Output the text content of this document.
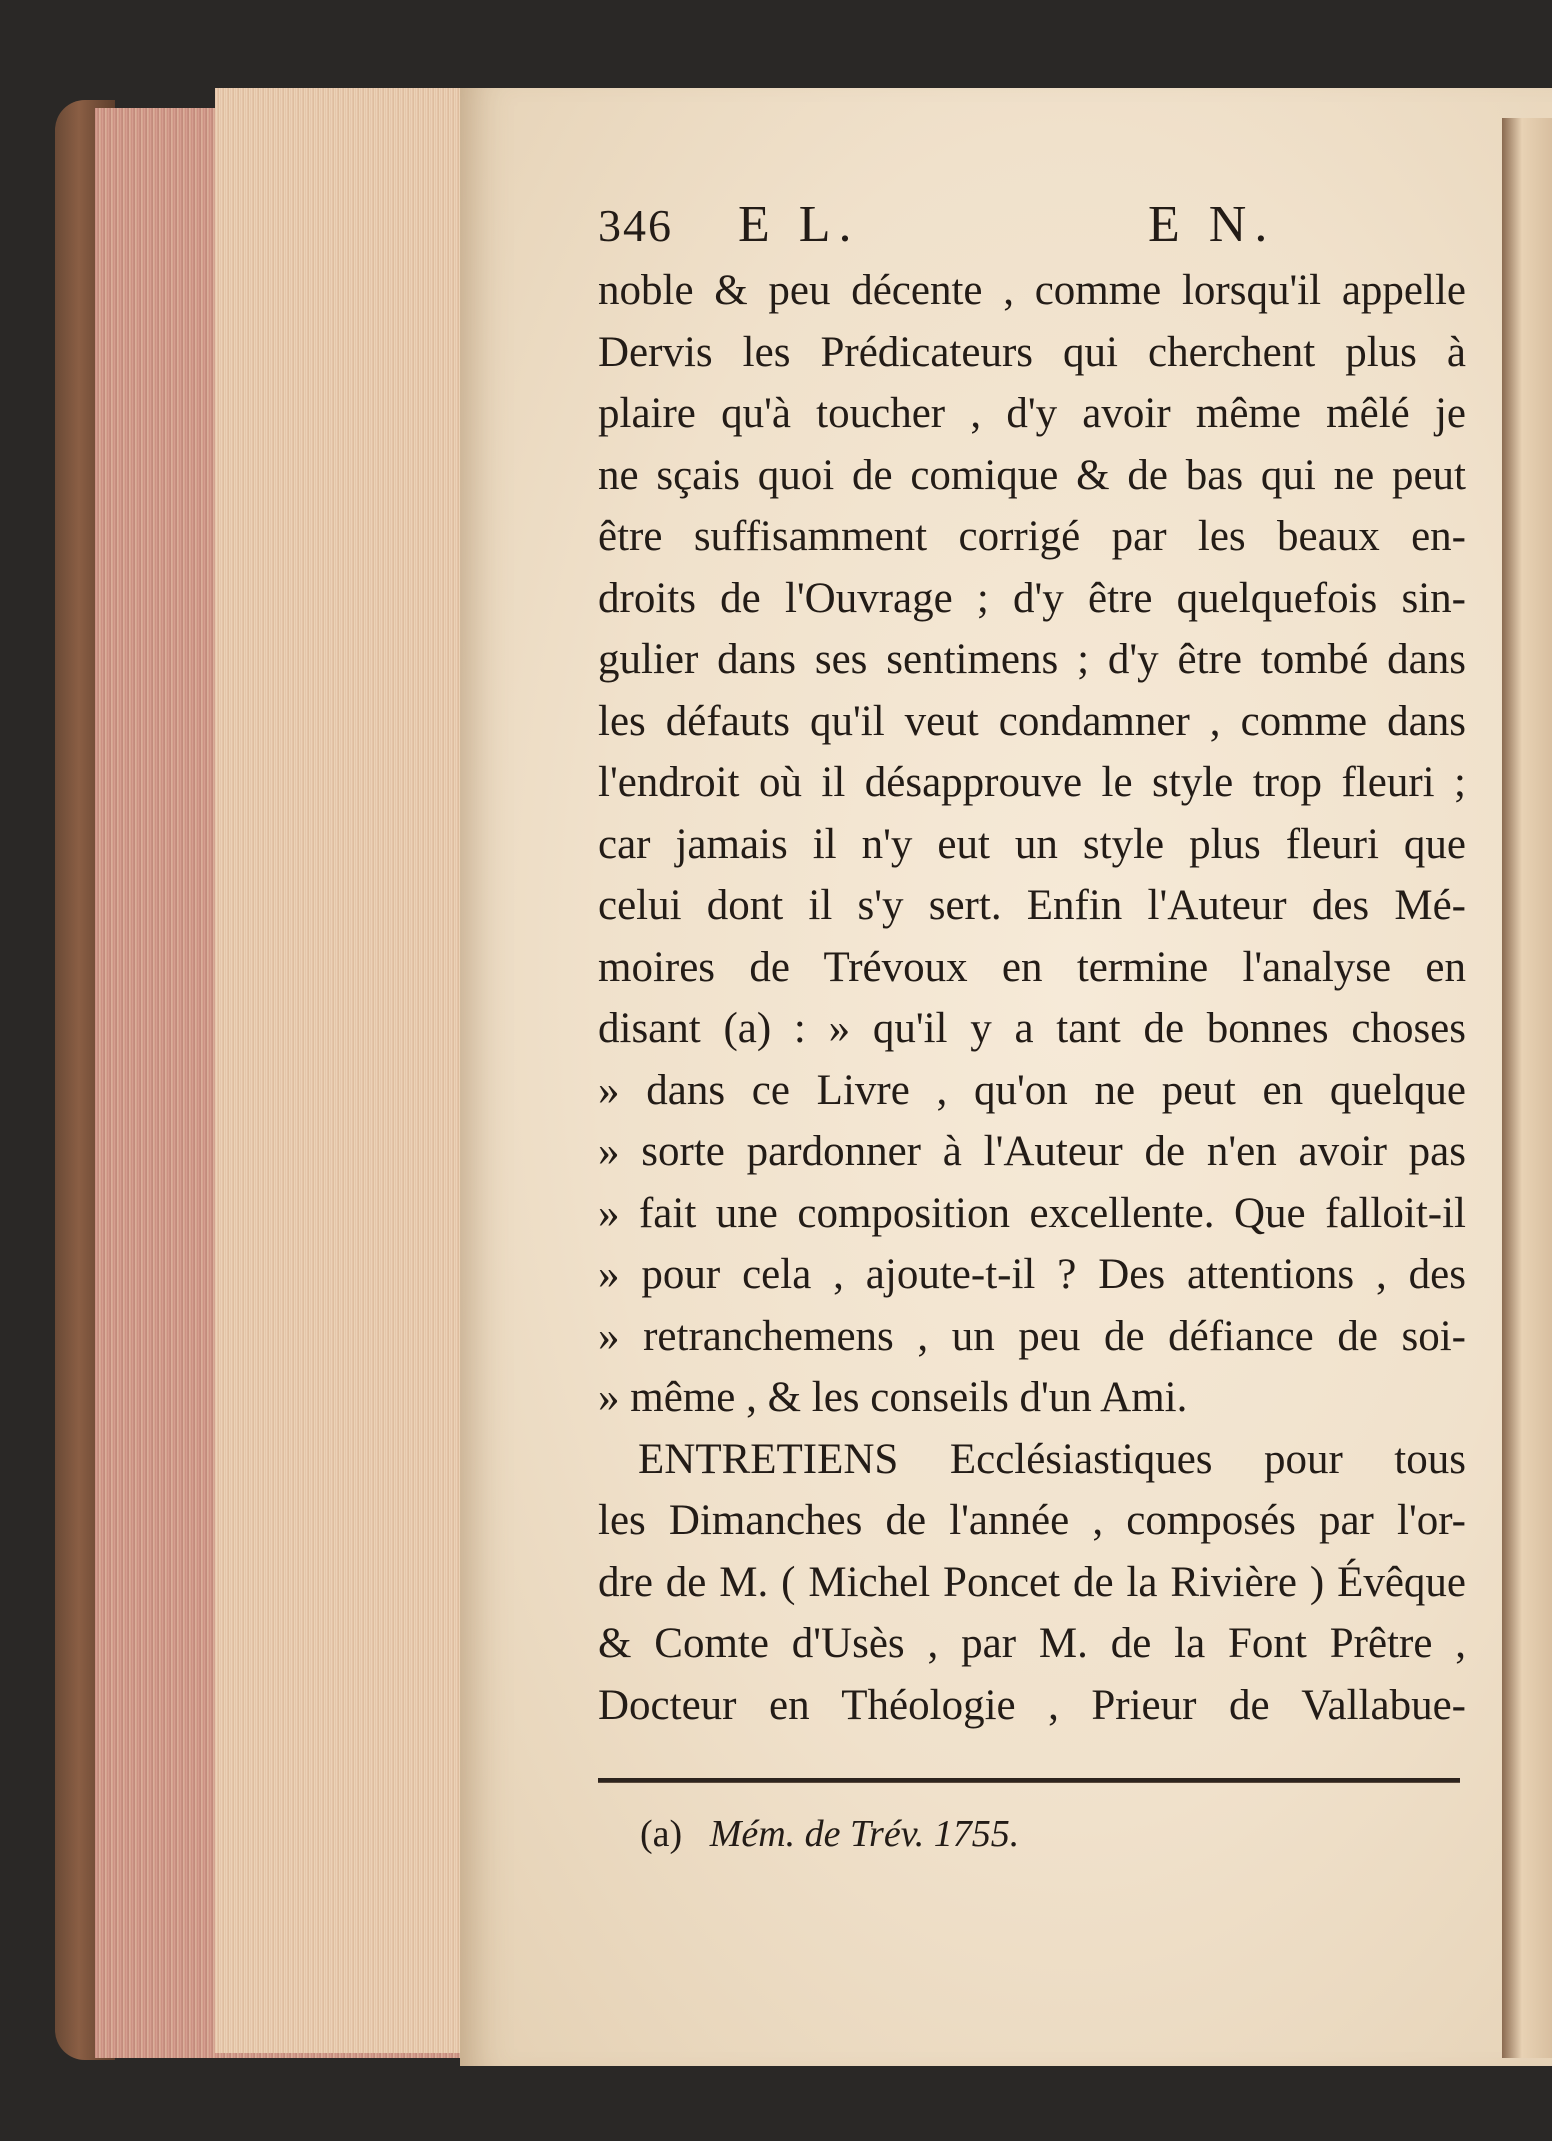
346	E L.	E N.
noble & peu décente , comme lorsqu'il appelle
Dervis les Prédicateurs qui cherchent plus à
plaire qu'à toucher , d'y avoir même mêlé je
ne sçais quoi de comique & de bas qui ne peut
être suffisamment corrigé par les beaux en-
droits de l'Ouvrage ; d'y être quelquefois sin-
gulier dans ses sentimens ; d'y être tombé dans
les défauts qu'il veut condamner , comme dans
l'endroit où il désapprouve le style trop fleuri ;
car jamais il n'y eut un style plus fleuri que
celui dont il s'y sert. Enfin l'Auteur des Mé-
moires de Trévoux en termine l'analyse en
disant (a) : » qu'il y a tant de bonnes choses
» dans ce Livre , qu'on ne peut en quelque
» sorte pardonner à l'Auteur de n'en avoir pas
» fait une composition excellente. Que falloit-il
» pour cela , ajoute-t-il ? Des attentions , des
» retranchemens , un peu de défiance de soi-
» même , & les conseils d'un Ami.
ENTRETIENS Ecclésiastiques pour tous
les Dimanches de l'année , composés par l'or-
dre de M. ( Michel Poncet de la Rivière ) Évêque
& Comte d'Usès , par M. de la Font Prêtre ,
Docteur en Théologie , Prieur de Vallabue-
(a) Mém. de Trév. 1755.
